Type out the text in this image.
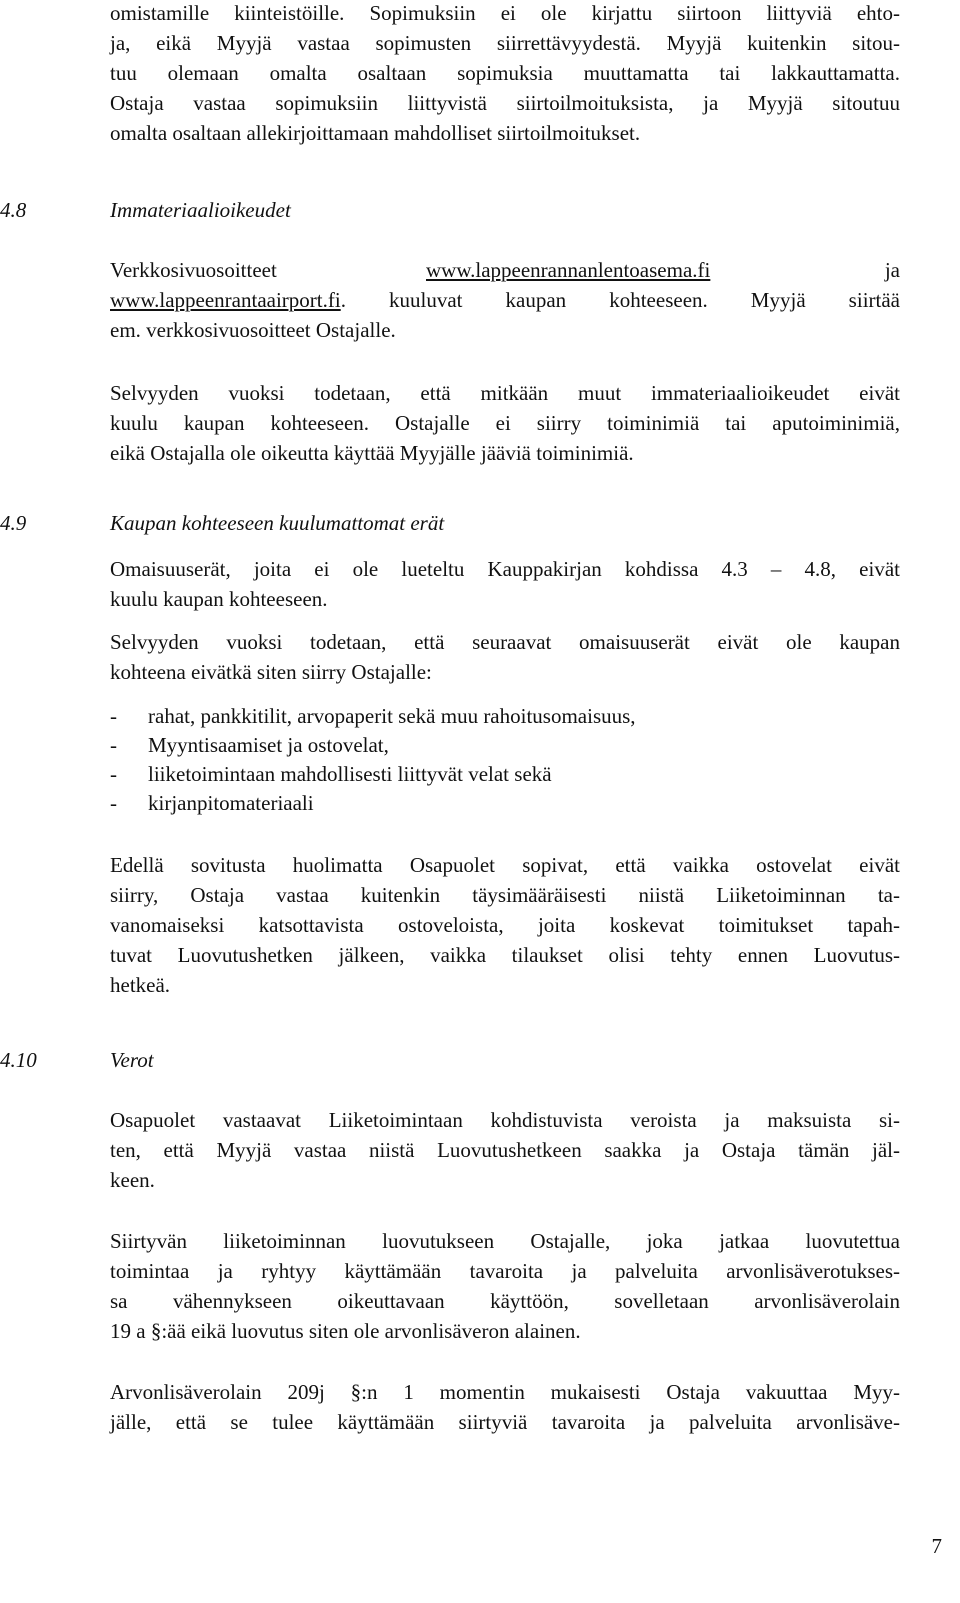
omistamille kiinteistöille. Sopimuksiin ei ole kirjattu siirtoon liittyviä ehto-
ja, eikä Myyjä vastaa sopimusten siirrettävyydestä. Myyjä kuitenkin sitou-
tuu olemaan omalta osaltaan sopimuksia muuttamatta tai lakkauttamatta.
Ostaja vastaa sopimuksiin liittyvistä siirtoilmoituksista, ja Myyjä sitoutuu
omalta osaltaan allekirjoittamaan mahdolliset siirtoilmoitukset.
4.8	Immateriaalioikeudet
Verkkosivuosoitteet	www.lappeenrannanlentoasema.fi	ja
www.lappeenrantaairport.fi. kuuluvat kaupan kohteeseen. Myyjä siirtää
em. verkkosivuosoitteet Ostajalle.
Selvyyden vuoksi todetaan, että mitkään muut immateriaalioikeudet eivät
kuulu kaupan kohteeseen. Ostajalle ei siirry toiminimiä tai aputoiminimiä,
eikä Ostajalla ole oikeutta käyttää Myyjälle jääviä toiminimiä.
4.9	Kaupan kohteeseen kuulumattomat erät
Omaisuuserät, joita ei ole lueteltu Kauppakirjan kohdissa 4.3 – 4.8, eivät
kuulu kaupan kohteeseen.
Selvyyden vuoksi todetaan, että seuraavat omaisuuserät eivät ole kaupan
kohteena eivätkä siten siirry Ostajalle:
- rahat, pankkitilit, arvopaperit sekä muu rahoitusomaisuus,
- Myyntisaamiset ja ostovelat,
- liiketoimintaan mahdollisesti liittyvät velat sekä
- kirjanpitomateriaali
Edellä sovitusta huolimatta Osapuolet sopivat, että vaikka ostovelat eivät
siirry, Ostaja vastaa kuitenkin täysimääräisesti niistä Liiketoiminnan ta-
vanomaiseksi katsottavista ostoveloista, joita koskevat toimitukset tapah-
tuvat Luovutushetken jälkeen, vaikka tilaukset olisi tehty ennen Luovutus-
hetkeä.
4.10	Verot
Osapuolet vastaavat Liiketoimintaan kohdistuvista veroista ja maksuista si-
ten, että Myyjä vastaa niistä Luovutushetkeen saakka ja Ostaja tämän jäl-
keen.
Siirtyvän liiketoiminnan luovutukseen Ostajalle, joka jatkaa luovutettua
toimintaa ja ryhtyy käyttämään tavaroita ja palveluita arvonlisäverotukses-
sa vähennykseen oikeuttavaan käyttöön, sovelletaan arvonlisäverolain
19 a §:ää eikä luovutus siten ole arvonlisäveron alainen.
Arvonlisäverolain 209j §:n 1 momentin mukaisesti Ostaja vakuuttaa Myy-
jälle, että se tulee käyttämään siirtyviä tavaroita ja palveluita arvonlisäve-
7
